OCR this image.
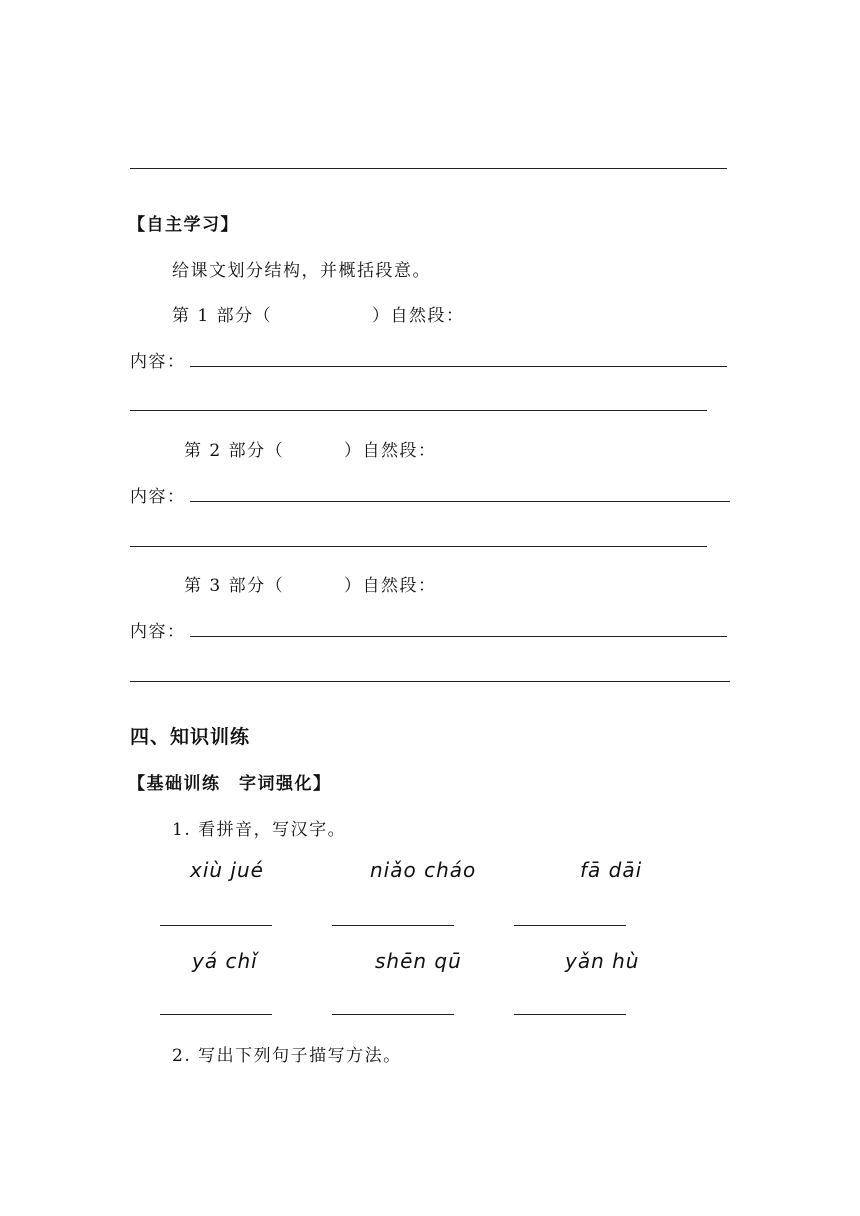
【自主学习】
给课文划分结构，并概括段意。
第 1 部分（	）自然段：
内容：
第 2 部分（	）自然段：
内容：
第 3 部分（	）自然段：
内容：
四、知识训练
【基础训练　字词强化】
1. 看拼音，写汉字。
xiù jué	niǎo cháo	fā dāi
yá chǐ	shēn qū	yǎn hù
2. 写出下列句子描写方法。
